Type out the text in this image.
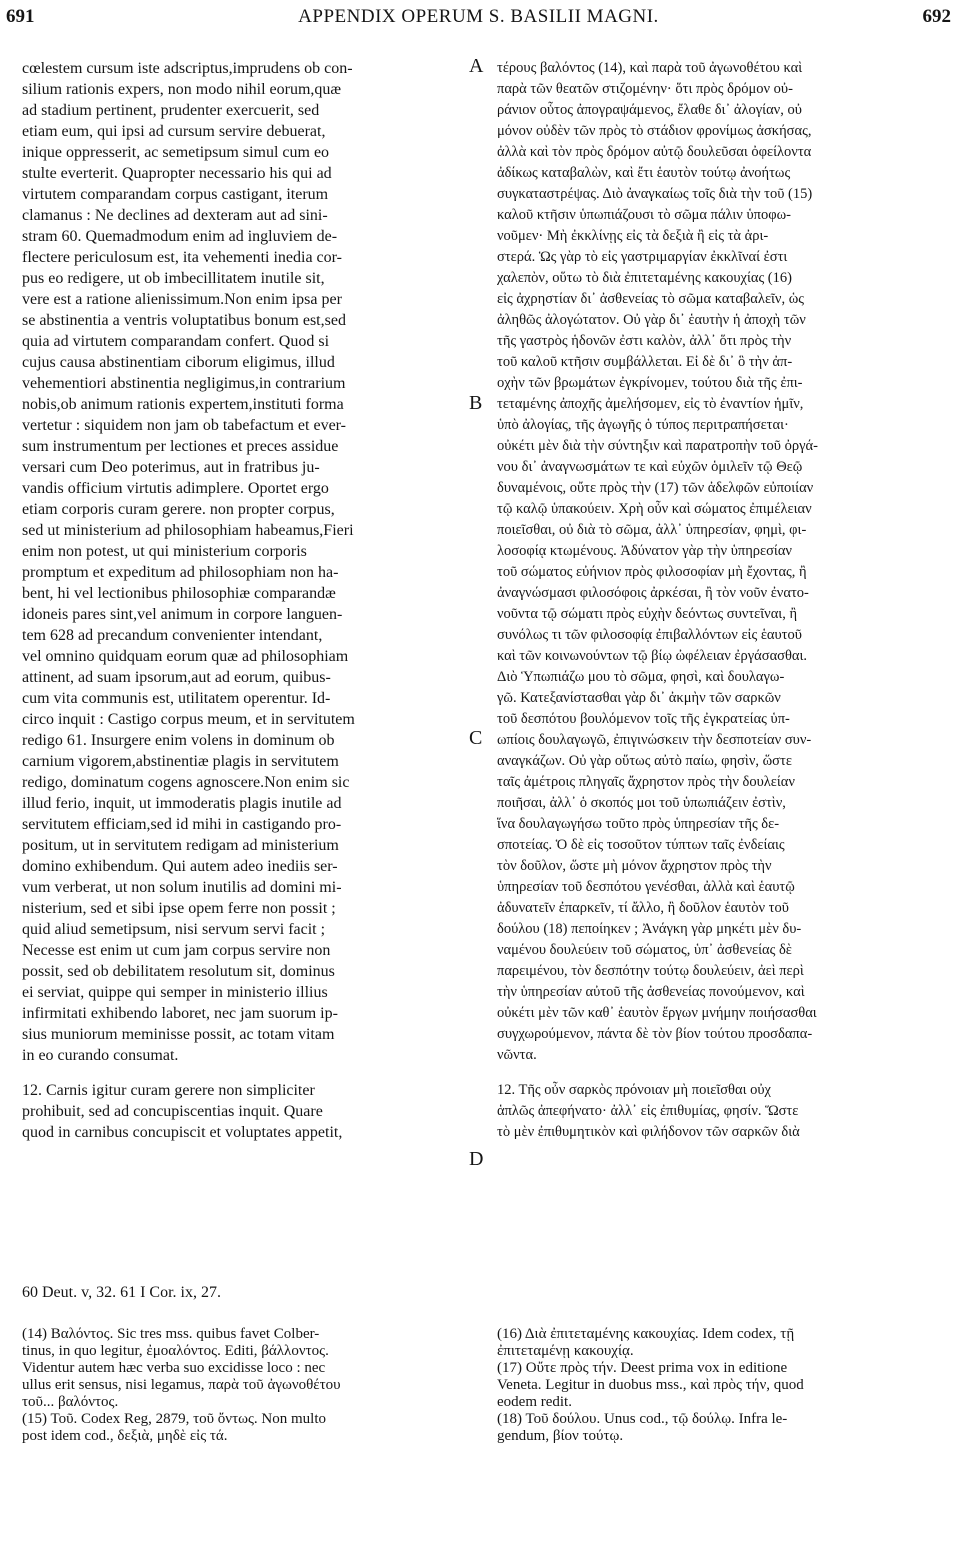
691	APPENDIX OPERUM S. BASILII MAGNI.	692
cœlestem cursum iste adscriptus,imprudens ob con-
silium rationis expers, non modo nihil eorum,quæ
ad stadium pertinent, prudenter exercuerit, sed
etiam eum, qui ipsi ad cursum servire debuerat,
inique oppresserit, ac semetipsum simul cum eo
stulte everterit. Quapropter necessario his qui ad
virtutem comparandam corpus castigant, iterum
clamanus : Ne declines ad dexteram aut ad sini-
stram 60. Quemadmodum enim ad ingluviem de-
flectere periculosum est, ita vehementi inedia cor-
pus eo redigere, ut ob imbecillitatem inutile sit,
vere est a ratione alienissimum.Non enim ipsa per
se abstinentia a ventris voluptatibus bonum est,sed
quia ad virtutem comparandam confert. Quod si
cujus causa abstinentiam ciborum eligimus, illud
vehementiori abstinentia negligimus,in contrarium
nobis,ob animum rationis expertem,instituti forma
vertetur : siquidem non jam ob tabefactum et ever-
sum instrumentum per lectiones et preces assidue
versari cum Deo poterimus, aut in fratribus ju-
vandis officium virtutis adimplere. Oportet ergo
etiam corporis curam gerere. non propter corpus,
sed ut ministerium ad philosophiam habeamus,Fieri
enim non potest, ut qui ministerium corporis
promptum et expeditum ad philosophiam non ha-
bent, hi vel lectionibus philosophiæ comparandæ
idoneis pares sint,vel animum in corpore languen-
tem 628 ad precandum convenienter intendant,
vel omnino quidquam eorum quæ ad philosophiam
attinent, ad suam ipsorum,aut ad eorum, quibus-
cum vita communis est, utilitatem operentur. Id-
circo inquit : Castigo corpus meum, et in servitutem
redigo 61. Insurgere enim volens in dominum ob
carnium vigorem,abstinentiæ plagis in servitutem
redigo, dominatum cogens agnoscere.Non enim sic
illud ferio, inquit, ut immoderatis plagis inutile ad
servitutem efficiam,sed id mihi in castigando pro-
positum, ut in servitutem redigam ad ministerium
domino exhibendum. Qui autem adeo inediis ser-
vum verberat, ut non solum inutilis ad domini mi-
nisterium, sed et sibi ipse opem ferre non possit ;
quid aliud semetipsum, nisi servum servi facit ;
Necesse est enim ut cum jam corpus servire non
possit, sed ob debilitatem resolutum sit, dominus
ei serviat, quippe qui semper in ministerio illius
infirmitati exhibendo laboret, nec jam suorum ip-
sius muniorum meminisse possit, ac totam vitam
in eo curando consumat.
12. Carnis igitur curam gerere non simpliciter
prohibuit, sed ad concupiscentias inquit. Quare
quod in carnibus concupiscit et voluptates appetit,
τέρους βαλόντος (14), καὶ παρὰ τοῦ ἀγωνοθέτου καὶ
παρὰ τῶν θεατῶν στιζομένην· ὅτι πρὸς δρόμον οὐ-
ράνιον οὗτος ἀπογραψάμενος, ἔλαθε δι᾽ ἀλογίαν, οὐ
μόνον οὐδὲν τῶν πρὸς τὸ στάδιον φρονίμως ἀσκήσας,
ἀλλὰ καὶ τὸν πρὸς δρόμον αὐτῷ δουλεῦσαι ὀφείλοντα
ἀδίκως καταβαλὼν, καὶ ἔτι ἑαυτὸν τούτῳ ἀνοήτως
συγκαταστρέψας. Διὸ ἀναγκαίως τοῖς διὰ τὴν τοῦ (15)
καλοῦ κτῆσιν ὑπωπιάζουσι τὸ σῶμα πάλιν ὑποφω-
νοῦμεν· Μὴ ἐκκλίνῃς εἰς τὰ δεξιὰ ἢ εἰς τὰ ἀρι-
στερά. Ὡς γὰρ τὸ εἰς γαστριμαργίαν ἐκκλῖναί ἐστι
χαλεπὸν, οὕτω τὸ διὰ ἐπιτεταμένης κακουχίας (16)
εἰς ἀχρηστίαν δι᾽ ἀσθενείας τὸ σῶμα καταβαλεῖν, ὡς
ἀληθῶς ἀλογώτατον. Οὐ γὰρ δι᾽ ἑαυτὴν ἡ ἀποχὴ τῶν
τῆς γαστρὸς ἡδονῶν ἐστι καλὸν, ἀλλ᾽ ὅτι πρὸς τὴν
τοῦ καλοῦ κτῆσιν συμβάλλεται. Εἰ δὲ δι᾽ ὃ τὴν ἀπ-
οχὴν τῶν βρωμάτων ἐγκρίνομεν, τούτου διὰ τῆς ἐπι-
τεταμένης ἀποχῆς ἀμελήσομεν, εἰς τὸ ἐναντίον ἡμῖν,
ὑπὸ ἀλογίας, τῆς ἀγωγῆς ὁ τύπος περιτραπήσεται·
οὐκέτι μὲν διὰ τὴν σύντηξιν καὶ παρατροπὴν τοῦ ὀργά-
νου δι᾽ ἀναγνωσμάτων τε καὶ εὐχῶν ὁμιλεῖν τῷ Θεῷ
δυναμένοις, οὔτε πρὸς τὴν (17) τῶν ἀδελφῶν εὐποιίαν
τῷ καλῷ ὑπακούειν. Χρὴ οὖν καὶ σώματος ἐπιμέλειαν
ποιεῖσθαι, οὐ διὰ τὸ σῶμα, ἀλλ᾽ ὑπηρεσίαν, φημὶ, φι-
λοσοφίᾳ κτωμένους. Ἀδύνατον γὰρ τὴν ὑπηρεσίαν
τοῦ σώματος εὐήνιον πρὸς φιλοσοφίαν μὴ ἔχοντας, ἢ
ἀναγνώσμασι φιλοσόφοις ἀρκέσαι, ἢ τὸν νοῦν ἐνατο-
νοῦντα τῷ σώματι πρὸς εὐχὴν δεόντως συντεῖναι, ἢ
συνόλως τι τῶν φιλοσοφίᾳ ἐπιβαλλόντων εἰς ἑαυτοῦ
καὶ τῶν κοινωνούντων τῷ βίῳ ὠφέλειαν ἐργάσασθαι.
Διὸ Ὑπωπιάζω μου τὸ σῶμα, φησὶ, καὶ δουλαγω-
γῶ. Κατεξανίστασθαι γὰρ δι᾽ ἀκμὴν τῶν σαρκῶν
τοῦ δεσπότου βουλόμενον τοῖς τῆς ἐγκρατείας ὑπ-
ωπίοις δουλαγωγῶ, ἐπιγινώσκειν τὴν δεσποτείαν συν-
αναγκάζων. Οὐ γὰρ οὕτως αὐτὸ παίω, φησὶν, ὥστε
ταῖς ἀμέτροις πληγαῖς ἄχρηστον πρὸς τὴν δουλείαν
ποιῆσαι, ἀλλ᾽ ὁ σκοπός μοι τοῦ ὑπωπιάζειν ἐστὶν,
ἵνα δουλαγωγήσω τοῦτο πρὸς ὑπηρεσίαν τῆς δε-
σποτείας. Ὁ δὲ εἰς τοσοῦτον τύπτων ταῖς ἐνδείαις
τὸν δοῦλον, ὥστε μὴ μόνον ἄχρηστον πρὸς τὴν
ὑπηρεσίαν τοῦ δεσπότου γενέσθαι, ἀλλὰ καὶ ἑαυτῷ
ἀδυνατεῖν ἐπαρκεῖν, τί ἄλλο, ἢ δοῦλον ἑαυτὸν τοῦ
δούλου (18) πεποίηκεν ; Ἀνάγκη γὰρ μηκέτι μὲν δυ-
ναμένου δουλεύειν τοῦ σώματος, ὑπ᾽ ἀσθενείας δὲ
παρειμένου, τὸν δεσπότην τούτῳ δουλεύειν, ἀεὶ περὶ
τὴν ὑπηρεσίαν αὐτοῦ τῆς ἀσθενείας πονούμενον, καὶ
οὐκέτι μὲν τῶν καθ᾽ ἑαυτὸν ἔργων μνήμην ποιήσασθαι
συγχωρούμενον, πάντα δὲ τὸν βίον τούτου προσδαπα-
νῶντα.
12. Τῆς οὖν σαρκὸς πρόνοιαν μὴ ποιεῖσθαι οὐχ
ἁπλῶς ἀπεφήνατο· ἀλλ᾽ εἰς ἐπιθυμίας, φησίν. Ὥστε
τὸ μὲν ἐπιθυμητικὸν καὶ φιλήδονον τῶν σαρκῶν διὰ
A
B
C
D
60 Deut. v, 32. 61 I Cor. ix, 27.
(14) Βαλόντος. Sic tres mss. quibus favet Colber-
tinus, in quo legitur, ἐμοαλόντος. Editi, βάλλοντος.
Videntur autem hæc verba suo excidisse loco : nec
ullus erit sensus, nisi legamus, παρὰ τοῦ ἀγωνοθέτου
τοῦ... βαλόντος.
(15) Τοῦ. Codex Reg, 2879, τοῦ ὄντως. Non multo
post idem cod., δεξιὰ, μηδὲ εἰς τά.
(16) Διὰ ἐπιτεταμένης κακουχίας. Idem codex, τῇ
ἐπιτεταμένῃ κακουχίᾳ.
(17) Οὔτε πρὸς τήν. Deest prima vox in editione
Veneta. Legitur in duobus mss., καὶ πρὸς τήν, quod
eodem redit.
(18) Τοῦ δούλου. Unus cod., τῷ δούλῳ. Infra le-
gendum, βίον τούτῳ.
